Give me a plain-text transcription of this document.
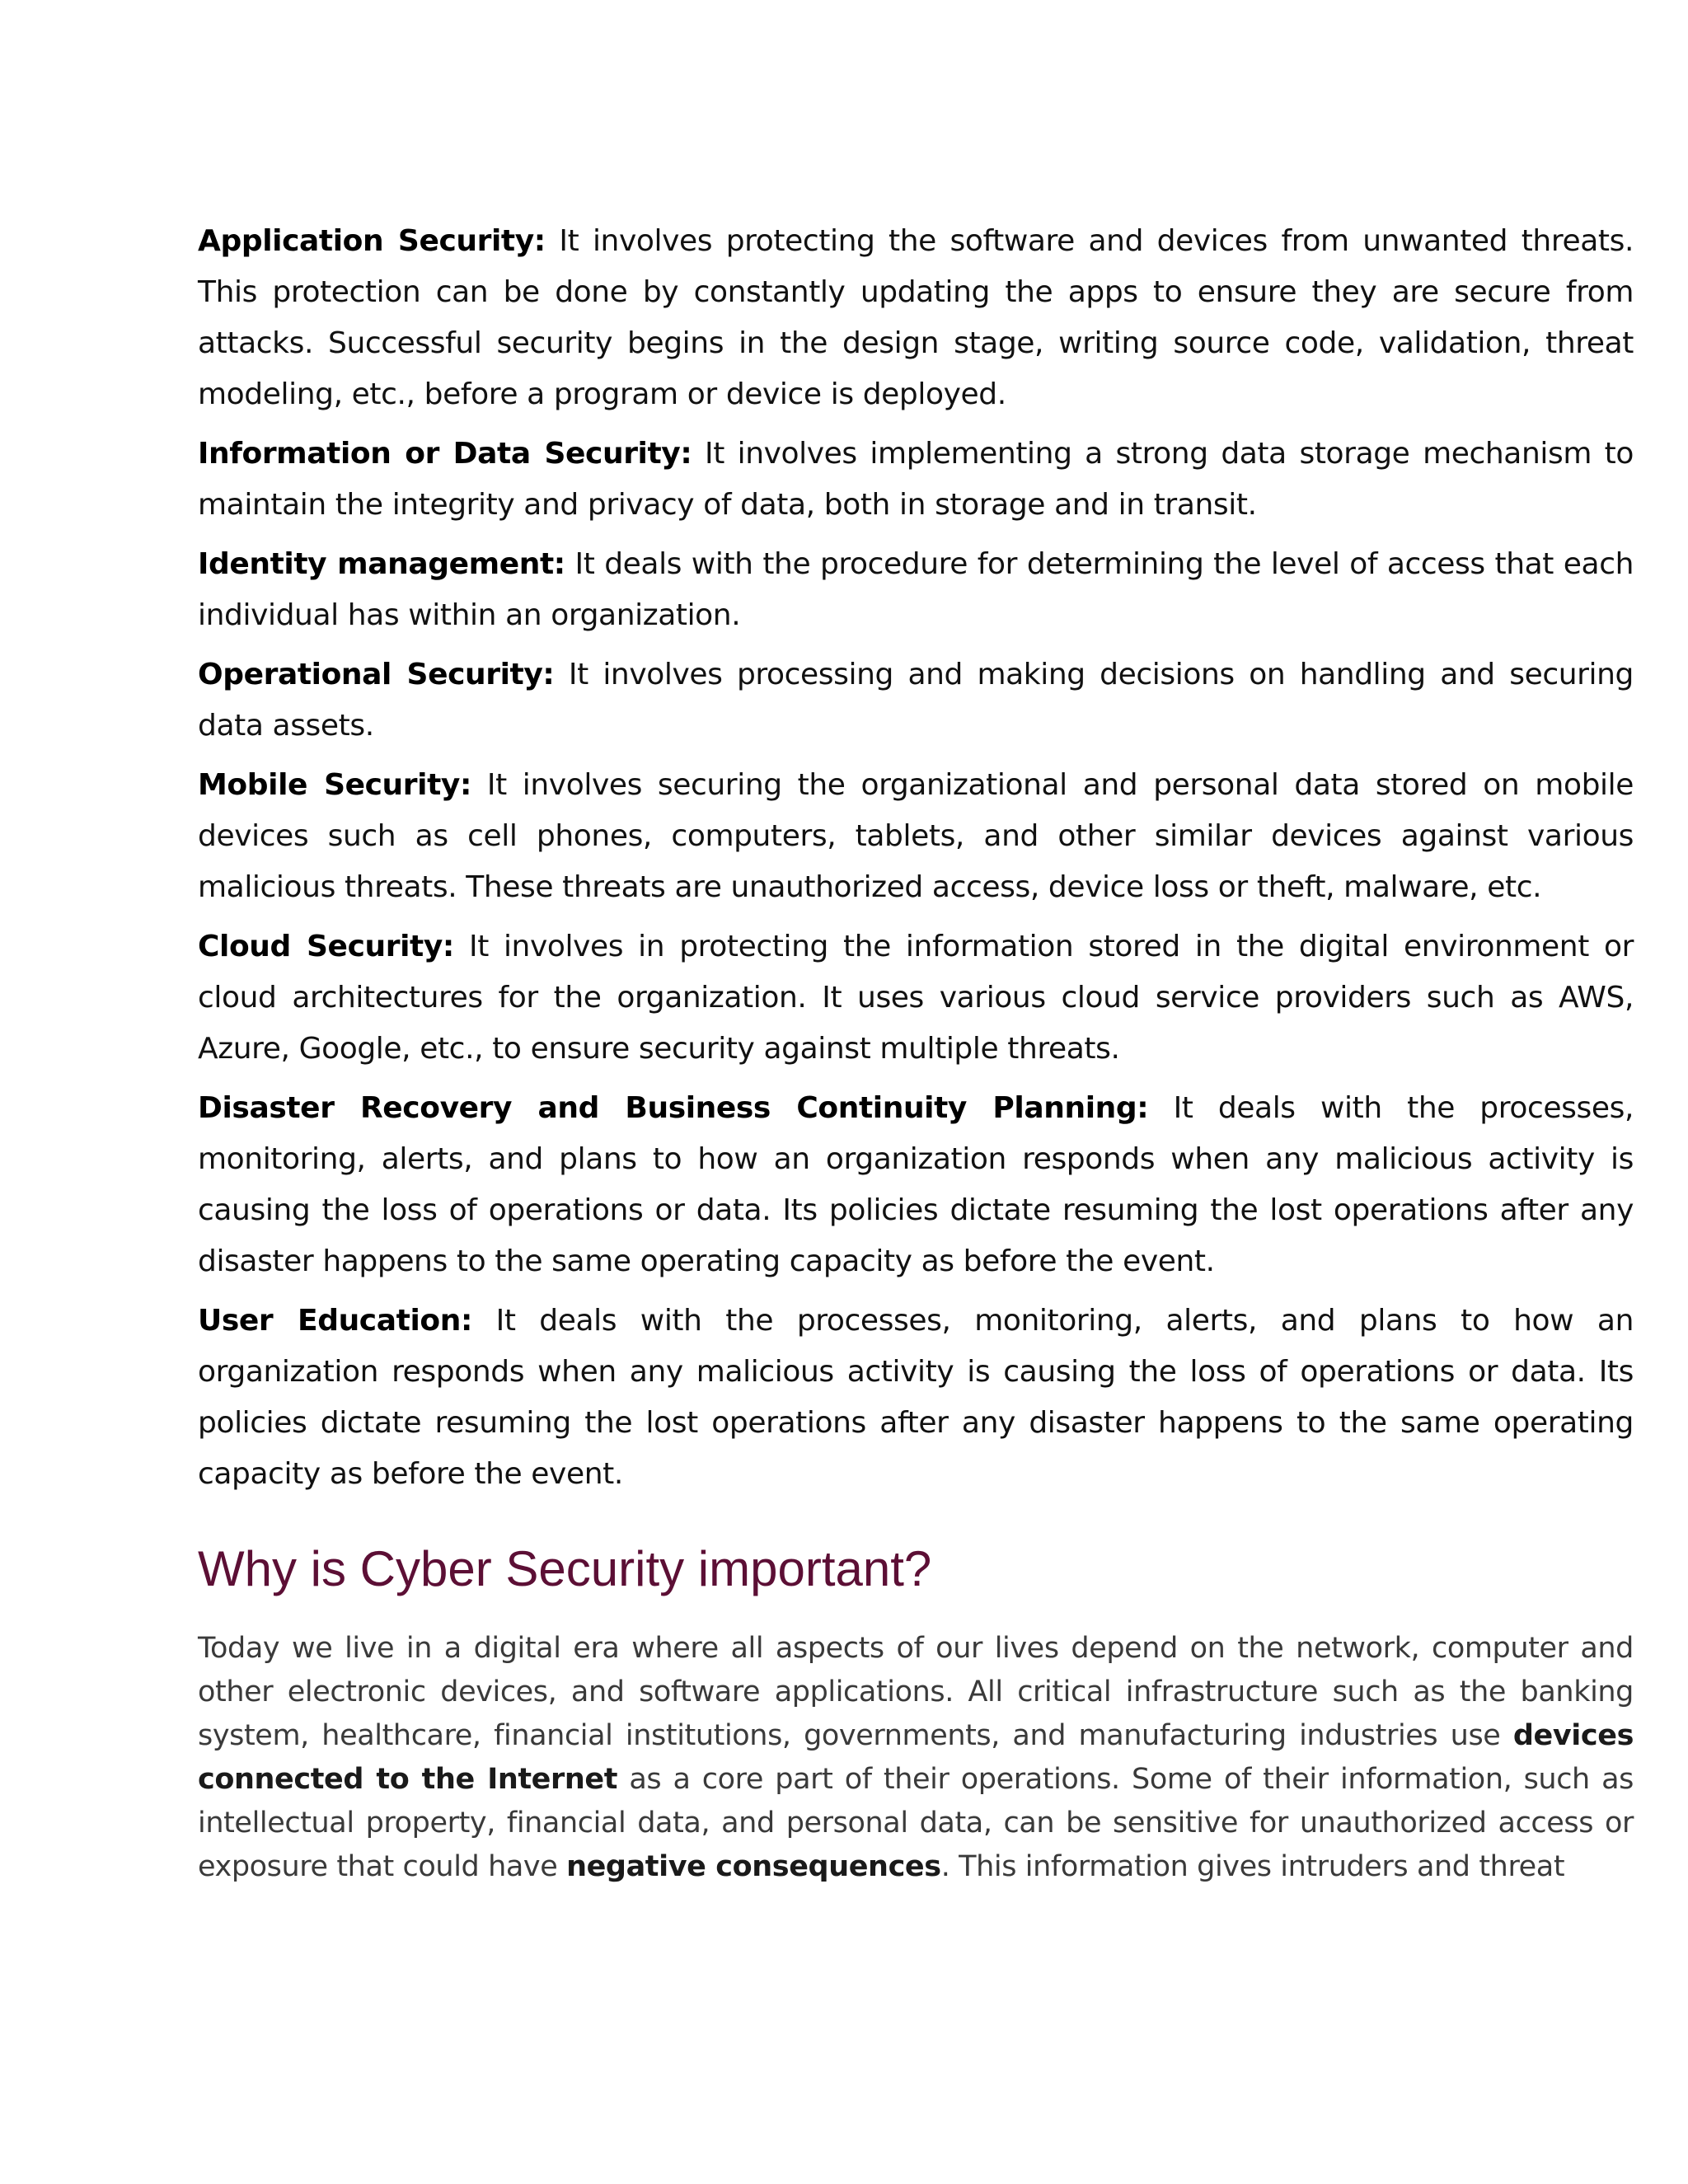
Application Security: It involves protecting the software and devices from unwanted threats. This protection can be done by constantly updating the apps to ensure they are secure from attacks. Successful security begins in the design stage, writing source code, validation, threat modeling, etc., before a program or device is deployed.

Information or Data Security: It involves implementing a strong data storage mechanism to maintain the integrity and privacy of data, both in storage and in transit.

Identity management: It deals with the procedure for determining the level of access that each individual has within an organization.

Operational Security: It involves processing and making decisions on handling and securing data assets.

Mobile Security: It involves securing the organizational and personal data stored on mobile devices such as cell phones, computers, tablets, and other similar devices against various malicious threats. These threats are unauthorized access, device loss or theft, malware, etc.

Cloud Security: It involves in protecting the information stored in the digital environment or cloud architectures for the organization. It uses various cloud service providers such as AWS, Azure, Google, etc., to ensure security against multiple threats.

Disaster Recovery and Business Continuity Planning: It deals with the processes, monitoring, alerts, and plans to how an organization responds when any malicious activity is causing the loss of operations or data. Its policies dictate resuming the lost operations after any disaster happens to the same operating capacity as before the event.

User Education: It deals with the processes, monitoring, alerts, and plans to how an organization responds when any malicious activity is causing the loss of operations or data. Its policies dictate resuming the lost operations after any disaster happens to the same operating capacity as before the event.

Why is Cyber Security important?

Today we live in a digital era where all aspects of our lives depend on the network, computer and other electronic devices, and software applications. All critical infrastructure such as the banking system, healthcare, financial institutions, governments, and manufacturing industries use devices connected to the Internet as a core part of their operations. Some of their information, such as intellectual property, financial data, and personal data, can be sensitive for unauthorized access or exposure that could have negative consequences. This information gives intruders and threat
